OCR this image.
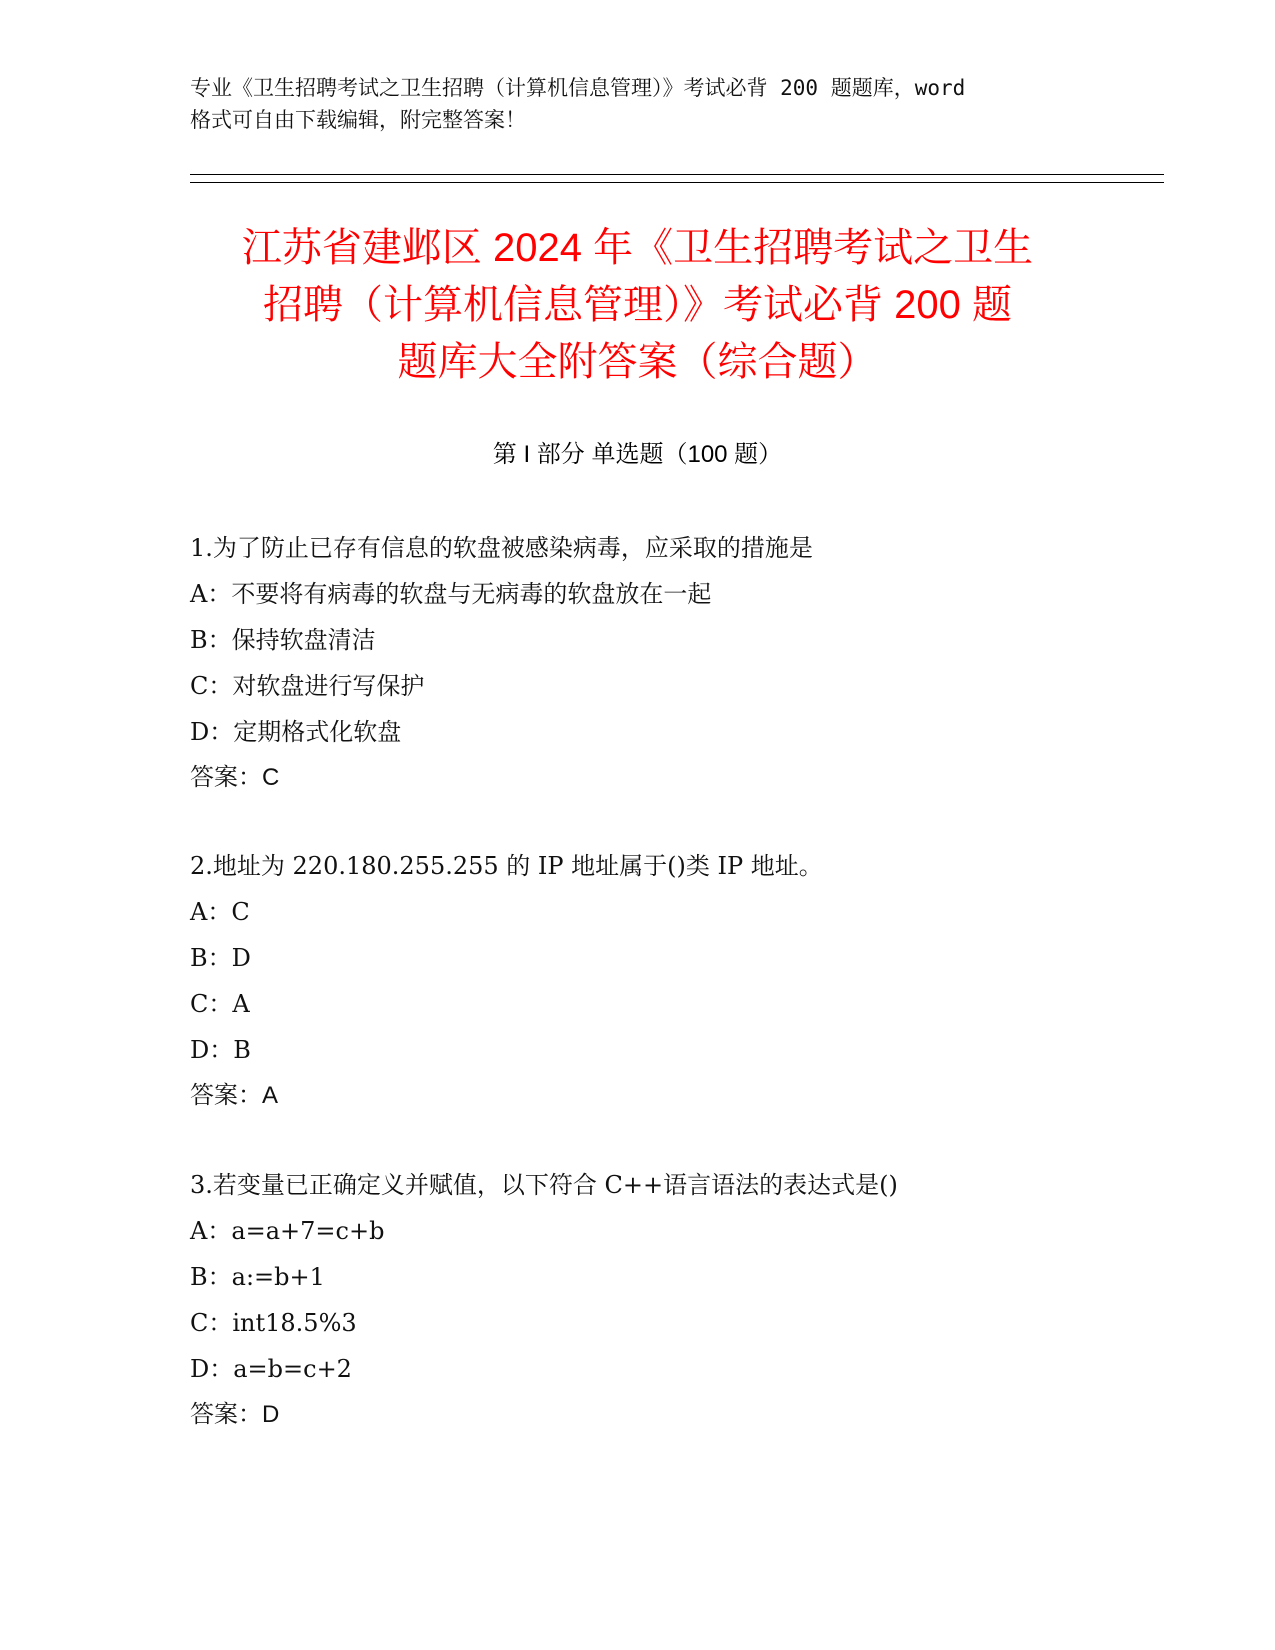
专业《卫生招聘考试之卫生招聘（计算机信息管理）》考试必背 200 题题库，word
格式可自由下载编辑，附完整答案！
江苏省建邺区 2024 年《卫生招聘考试之卫生
招聘（计算机信息管理）》考试必背 200 题
题库大全附答案（综合题）
第 I 部分 单选题（100 题）
1.为了防止已存有信息的软盘被感染病毒，应采取的措施是
A：不要将有病毒的软盘与无病毒的软盘放在一起
B：保持软盘清洁
C：对软盘进行写保护
D：定期格式化软盘
答案：C
2.地址为 220.180.255.255 的 IP 地址属于()类 IP 地址。
A：C
B：D
C：A
D：B
答案：A
3.若变量已正确定义并赋值，以下符合 C++语言语法的表达式是()
A：a=a+7=c+b
B：a:=b+1
C：int18.5%3
D：a=b=c+2
答案：D
